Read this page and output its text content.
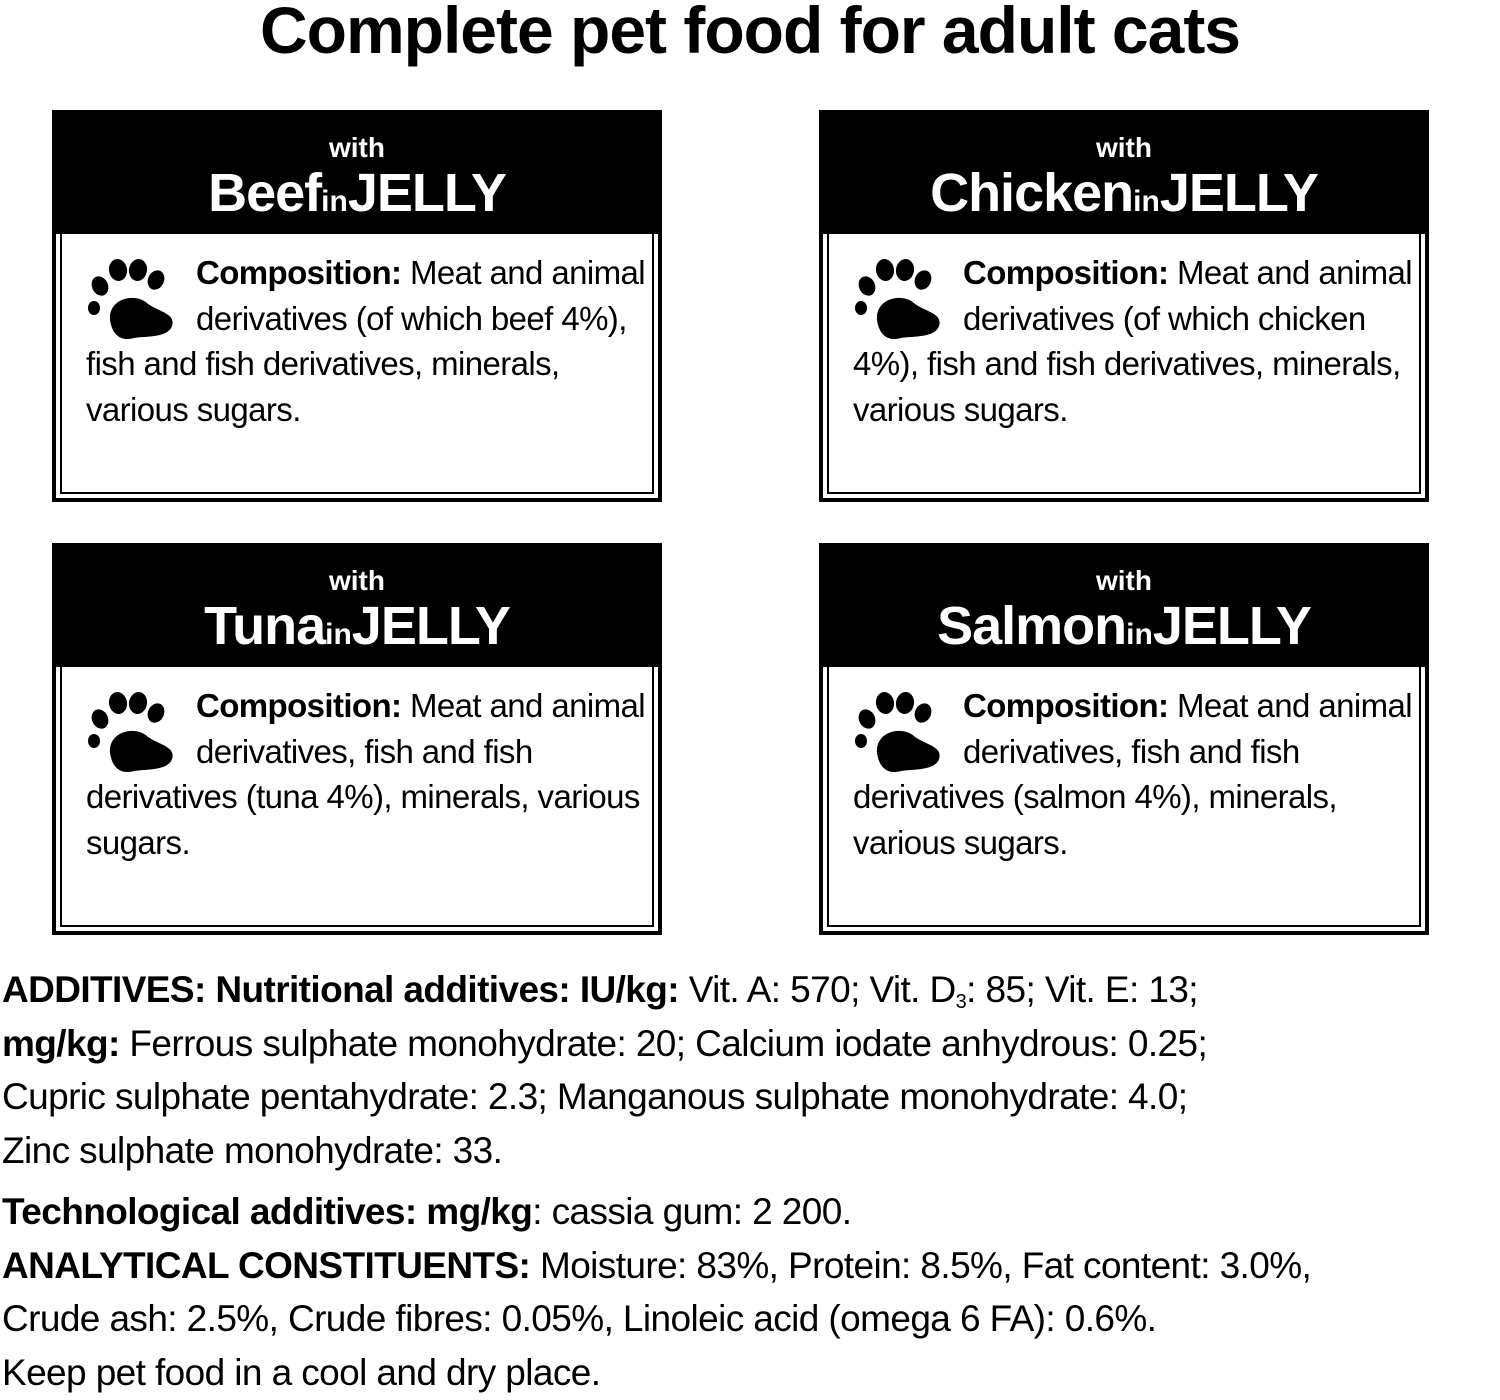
Complete pet food for adult cats
with
BeefinJELLY
Composition: Meat and animal derivatives (of which beef 4%), fish and fish derivatives, minerals, various sugars.
with
ChickeninJELLY
Composition: Meat and animal derivatives (of which chicken 4%), fish and fish derivatives, minerals, various sugars.
with
TunainJELLY
Composition: Meat and animal derivatives, fish and fish derivatives (tuna 4%), minerals, various sugars.
with
SalmoninJELLY
Composition: Meat and animal derivatives, fish and fish derivatives (salmon 4%), minerals, various sugars.
ADDITIVES: Nutritional additives: IU/kg: Vit. A: 570; Vit. $D_3$: 85; Vit. E: 13;
mg/kg: Ferrous sulphate monohydrate: 20; Calcium iodate anhydrous: 0.25;
Cupric sulphate pentahydrate: 2.3; Manganous sulphate monohydrate: 4.0;
Zinc sulphate monohydrate: 33.
Technological additives: mg/kg: cassia gum: 2 200.
ANALYTICAL CONSTITUENTS: Moisture: 83%, Protein: 8.5%, Fat content: 3.0%,
Crude ash: 2.5%, Crude fibres: 0.05%, Linoleic acid (omega 6 FA): 0.6%.
Keep pet food in a cool and dry place.
